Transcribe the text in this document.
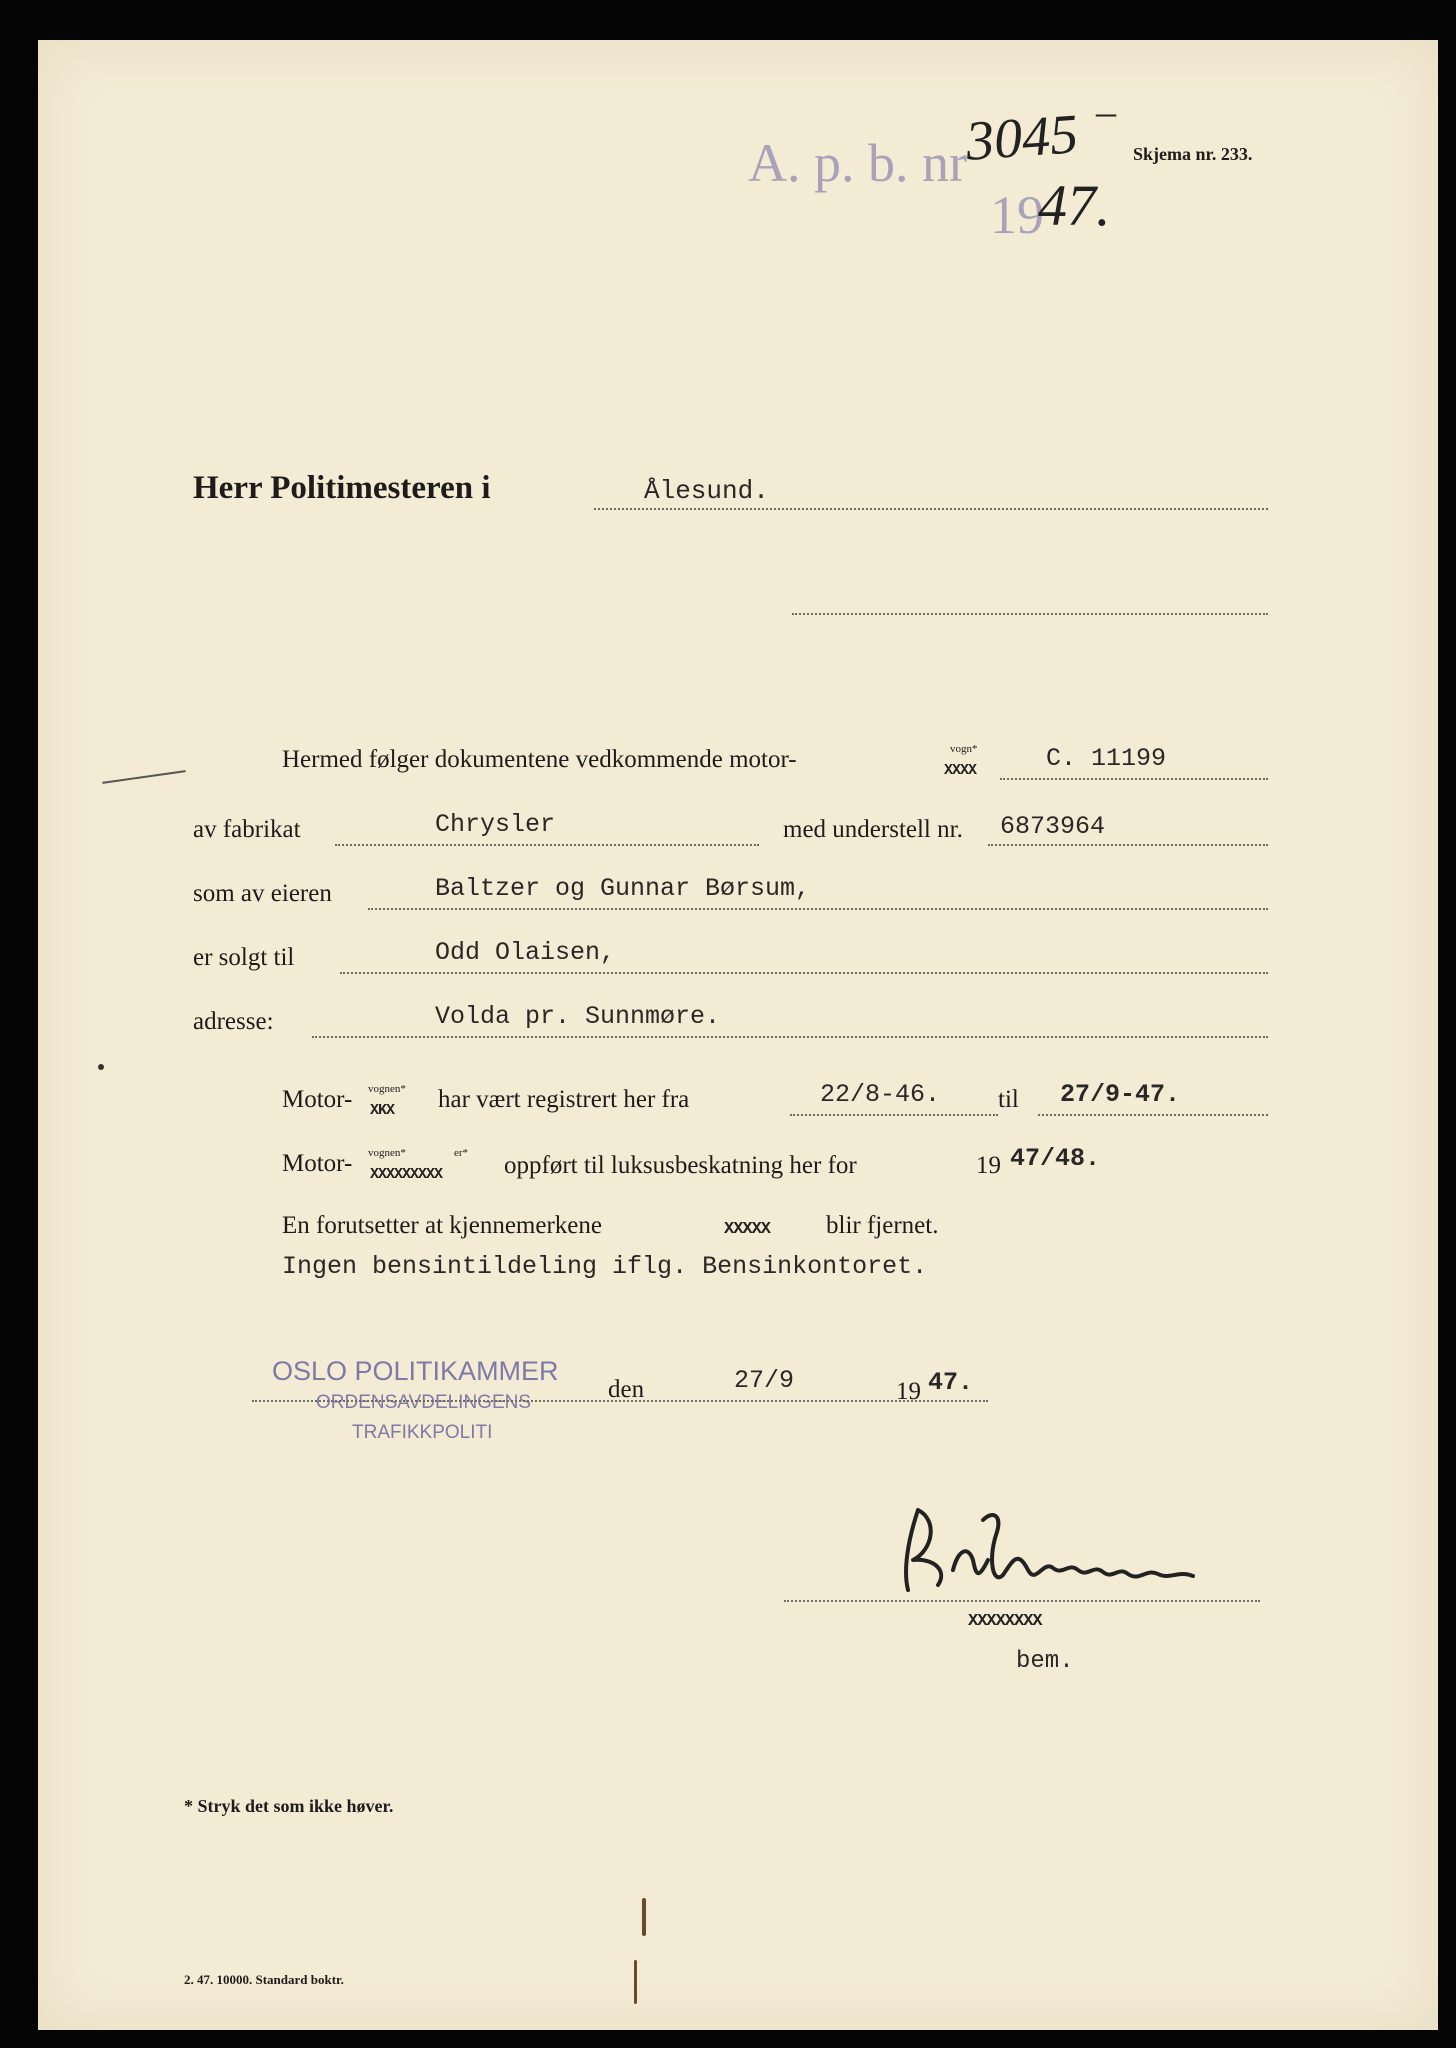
A. p. b. nr
3045 –
19
47.
Skjema nr. 233.
Herr Politimesteren i	Ålesund.
Hermed følger dokumentene vedkommende motor-	vogn*
XXXX	C. 11199
av fabrikat	Chrysler	med understell nr. 6873964
som av eieren	Baltzer og Gunnar Børsum,
er solgt til	Odd Olaisen,
adresse:	Volda pr. Sunnmøre.
Motor- vognen*
XKX har vært registrert her fra	22/8-46. til 27/9-47.
Motor- vognen*	er*
XXXXXXXXX oppført til luksusbeskatning her for	19 47/48.
En forutsetter at kjennemerkene	XXXXX blir fjernet.
Ingen bensintildeling iflg. Bensinkontoret.
OSLO POLITIKAMMER
ORDENSAVDELINGENS
TRAFIKKPOLITI
den	27/9	19 47.
XXXXXXXX
bem.
* Stryk det som ikke høver.
2. 47. 10000. Standard boktr.
